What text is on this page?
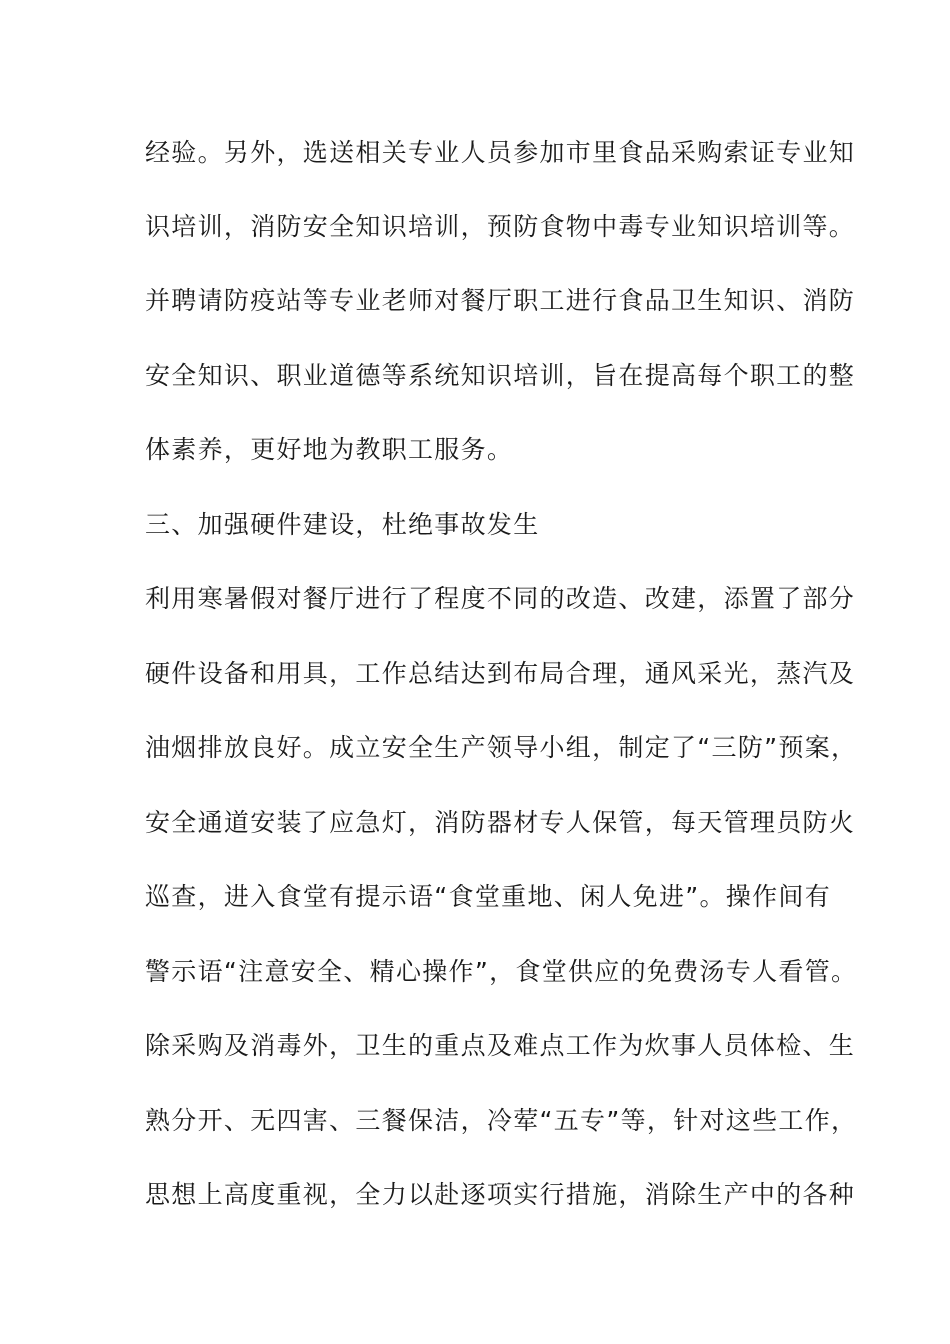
经验。另外，选送相关专业人员参加市里食品采购索证专业知
识培训，消防安全知识培训，预防食物中毒专业知识培训等。
并聘请防疫站等专业老师对餐厅职工进行食品卫生知识、消防
安全知识、职业道德等系统知识培训，旨在提高每个职工的整
体素养，更好地为教职工服务。
三、加强硬件建设，杜绝事故发生
利用寒暑假对餐厅进行了程度不同的改造、改建，添置了部分
硬件设备和用具，工作总结达到布局合理，通风采光，蒸汽及
油烟排放良好。成立安全生产领导小组，制定了“三防”预案，
安全通道安装了应急灯，消防器材专人保管，每天管理员防火
巡查，进入食堂有提示语“食堂重地、闲人免进”。操作间有
警示语“注意安全、精心操作”，食堂供应的免费汤专人看管。
除采购及消毒外，卫生的重点及难点工作为炊事人员体检、生
熟分开、无四害、三餐保洁，冷荤“五专”等，针对这些工作，
思想上高度重视，全力以赴逐项实行措施，消除生产中的各种
